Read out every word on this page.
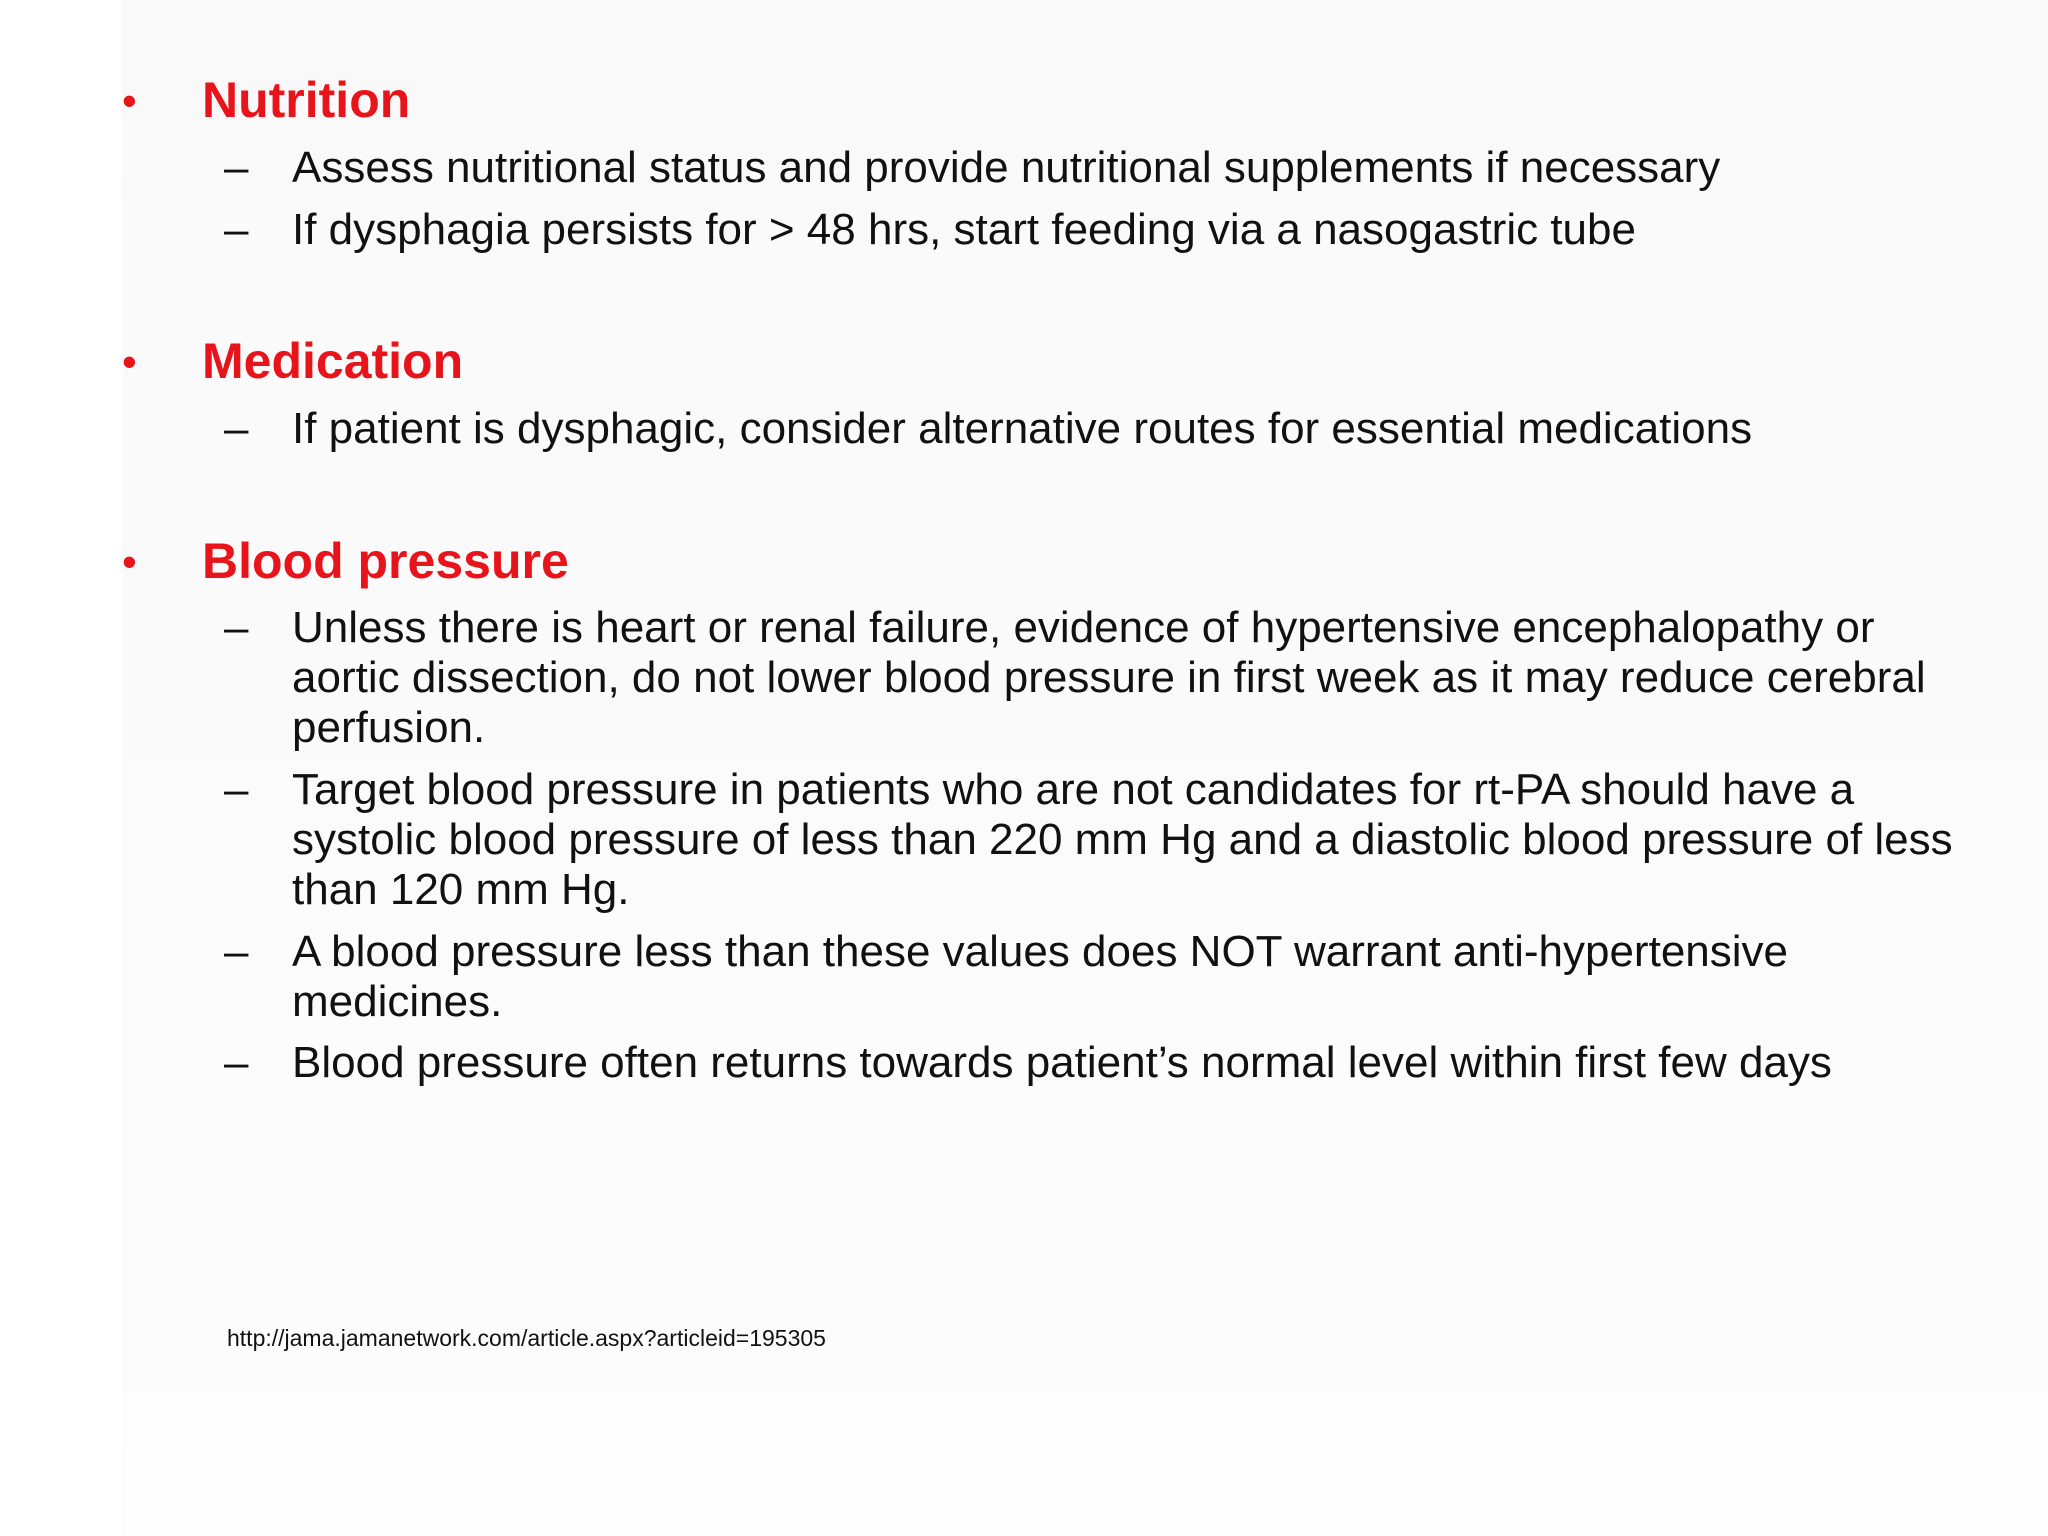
• Nutrition
– Assess nutritional status and provide nutritional supplements if necessary
– If dysphagia persists for > 48 hrs, start feeding via a nasogastric tube
• Medication
– If patient is dysphagic, consider alternative routes for essential medications
• Blood pressure
– Unless there is heart or renal failure, evidence of hypertensive encephalopathy or aortic dissection, do not lower blood pressure in first week as it may reduce cerebral perfusion.
– Target blood pressure in patients who are not candidates for rt-PA should have a systolic blood pressure of less than 220 mm Hg and a diastolic blood pressure of less than 120 mm Hg.
– A blood pressure less than these values does NOT warrant anti-hypertensive medicines.
– Blood pressure often returns towards patient’s normal level within first few days
http://jama.jamanetwork.com/article.aspx?articleid=195305
